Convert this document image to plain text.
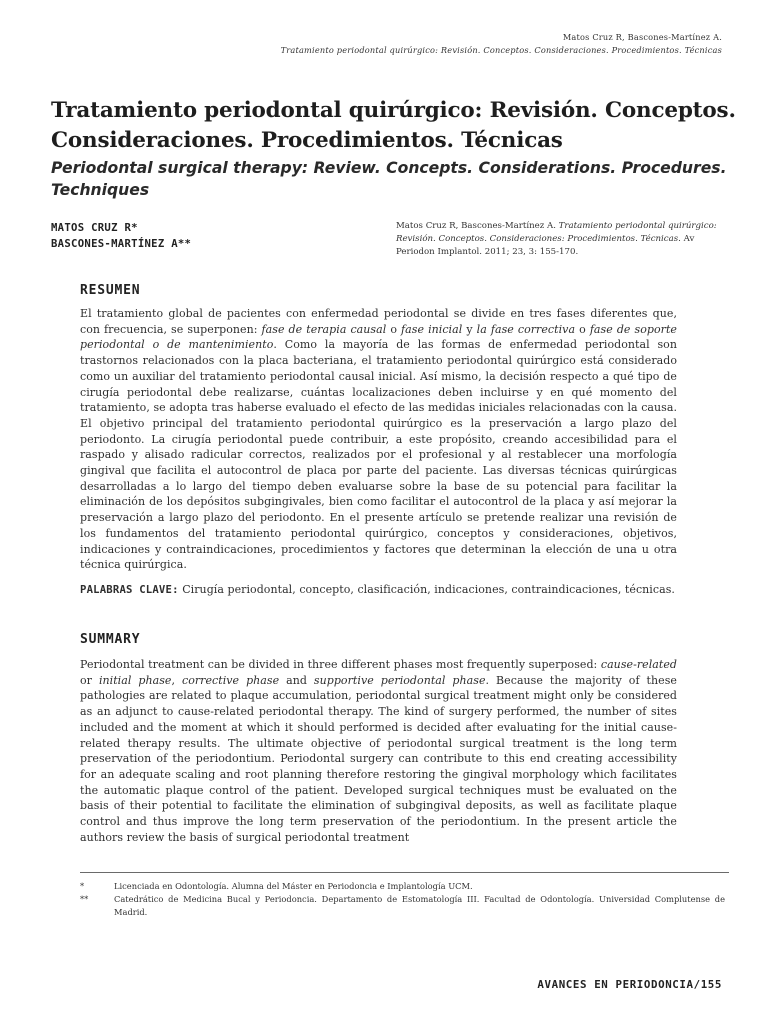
Matos Cruz R, Bascones-Martínez A.
Tratamiento periodontal quirúrgico: Revisión. Conceptos. Consideraciones. Procedimientos. Técnicas
Tratamiento periodontal quirúrgico: Revisión. Conceptos. Consideraciones. Procedimientos. Técnicas
Periodontal surgical therapy: Review. Concepts. Considerations. Procedures. Techniques
MATOS CRUZ R*
BASCONES-MARTÍNEZ A**
Matos Cruz R, Bascones-Martínez A. Tratamiento periodontal quirúrgico: Revisión. Conceptos. Consideraciones: Procedimientos. Técnicas. Av Periodon Implantol. 2011; 23, 3: 155-170.
RESUMEN

El tratamiento global de pacientes con enfermedad periodontal se divide en tres fases diferentes que, con frecuencia, se superponen: fase de terapia causal o fase inicial y la fase correctiva o fase de soporte periodontal o de mantenimiento. Como la mayoría de las formas de enfermedad periodontal son trastornos relacionados con la placa bacteriana, el tratamiento periodontal quirúrgico está considerado como un auxiliar del tratamiento periodontal causal inicial. Así mismo, la decisión respecto a qué tipo de cirugía periodontal debe realizarse, cuántas localizaciones deben incluirse y en qué momento del tratamiento, se adopta tras haberse evaluado el efecto de las medidas iniciales relacionadas con la causa. El objetivo principal del tratamiento periodontal quirúrgico es la preservación a largo plazo del periodonto. La cirugía periodontal puede contribuir, a este propósito, creando accesibilidad para el raspado y alisado radicular correctos, realizados por el profesional y al restablecer una morfología gingival que facilita el autocontrol de placa por parte del paciente. Las diversas técnicas quirúrgicas desarrolladas a lo largo del tiempo deben evaluarse sobre la base de su potencial para facilitar la eliminación de los depósitos subgingivales, bien como facilitar el autocontrol de la placa y así mejorar la preservación a largo plazo del periodonto. En el presente artículo se pretende realizar una revisión de los fundamentos del tratamiento periodontal quirúrgico, conceptos y consideraciones, objetivos, indicaciones y contraindicaciones, procedimientos y factores que determinan la elección de una u otra técnica quirúrgica.

PALABRAS CLAVE: Cirugía periodontal, concepto, clasificación, indicaciones, contraindicaciones, técnicas.

SUMMARY

Periodontal treatment can be divided in three different phases most frequently superposed: cause-related or initial phase, corrective phase and supportive periodontal phase. Because the majority of these pathologies are related to plaque accumulation, periodontal surgical treatment might only be considered as an adjunct to cause-related periodontal therapy. The kind of surgery performed, the number of sites included and the moment at which it should performed is decided after evaluating for the initial cause-related therapy results. The ultimate objective of periodontal surgical treatment is the long term preservation of the periodontium. Periodontal surgery can contribute to this end creating accessibility for an adequate scaling and root planning therefore restoring the gingival morphology which facilitates the automatic plaque control of the patient. Developed surgical techniques must be evaluated on the basis of their potential to facilitate the elimination of subgingival deposits, as well as facilitate plaque control and thus improve the long term preservation of the periodontium. In the present article the authors review the basis of surgical periodontal treatment

*	Licenciada en Odontología. Alumna del Máster en Periodoncia e Implantología UCM.
**	Catedrático de Medicina Bucal y Periodoncia. Departamento de Estomatología III. Facultad de Odontología. Universidad Complutense de Madrid.
AVANCES EN PERIODONCIA/155
